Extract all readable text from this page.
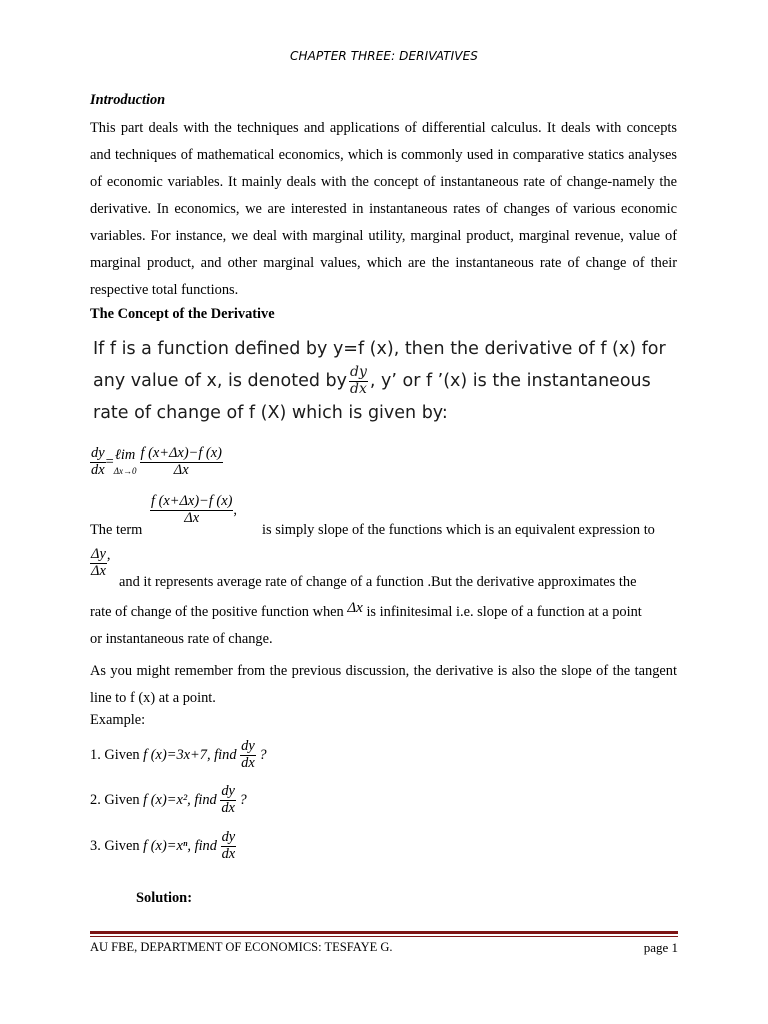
CHAPTER THREE: DERIVATIVES
Introduction
This part deals with the techniques and applications of differential calculus. It deals with concepts and techniques of mathematical economics, which is commonly used in comparative statics analyses of economic variables. It mainly deals with the concept of instantaneous rate of change-namely the derivative. In economics, we are interested in instantaneous rates of changes of various economic variables. For instance, we deal with marginal utility, marginal product, marginal revenue, value of marginal product, and other marginal values, which are the instantaneous rate of change of their respective total functions.
The Concept of the Derivative
If f is a function defined by y=f (x), then the derivative of f (x) for any value of x, is denoted by $\frac{dy}{dx}$ , y’ or f ’(x) is the instantaneous rate of change of f (X) which is given by:
$\frac{dy}{dx}$ = ℓim
$\Delta x\to 0 \frac{f (x+\Delta x)-f (x)}{\Delta x}$
The term
$\frac{f (x+\Delta x)-f (x)}{\Delta x}$ ,
is simply slope of the functions which is an equivalent expression to
$\frac{\Delta y}{\Delta x}$ ,
and it represents average rate of change of a function .But the derivative approximates the
rate of change of the positive function when Δx is infinitesimal i.e. slope of a function at a point
or instantaneous rate of change.
As you might remember from the previous discussion, the derivative is also the slope of the tangent line to f (x) at a point.
Example:
1. Given f (x)=3x+7, find $\frac{dy}{dx}$ ?
2. Given f (x)=x², find $\frac{dy}{dx}$ ?
3. Given f (x)=xⁿ, find $\frac{dy}{dx}$
Solution:
AU FBE, DEPARTMENT OF ECONOMICS: TESFAYE G.	page 1
